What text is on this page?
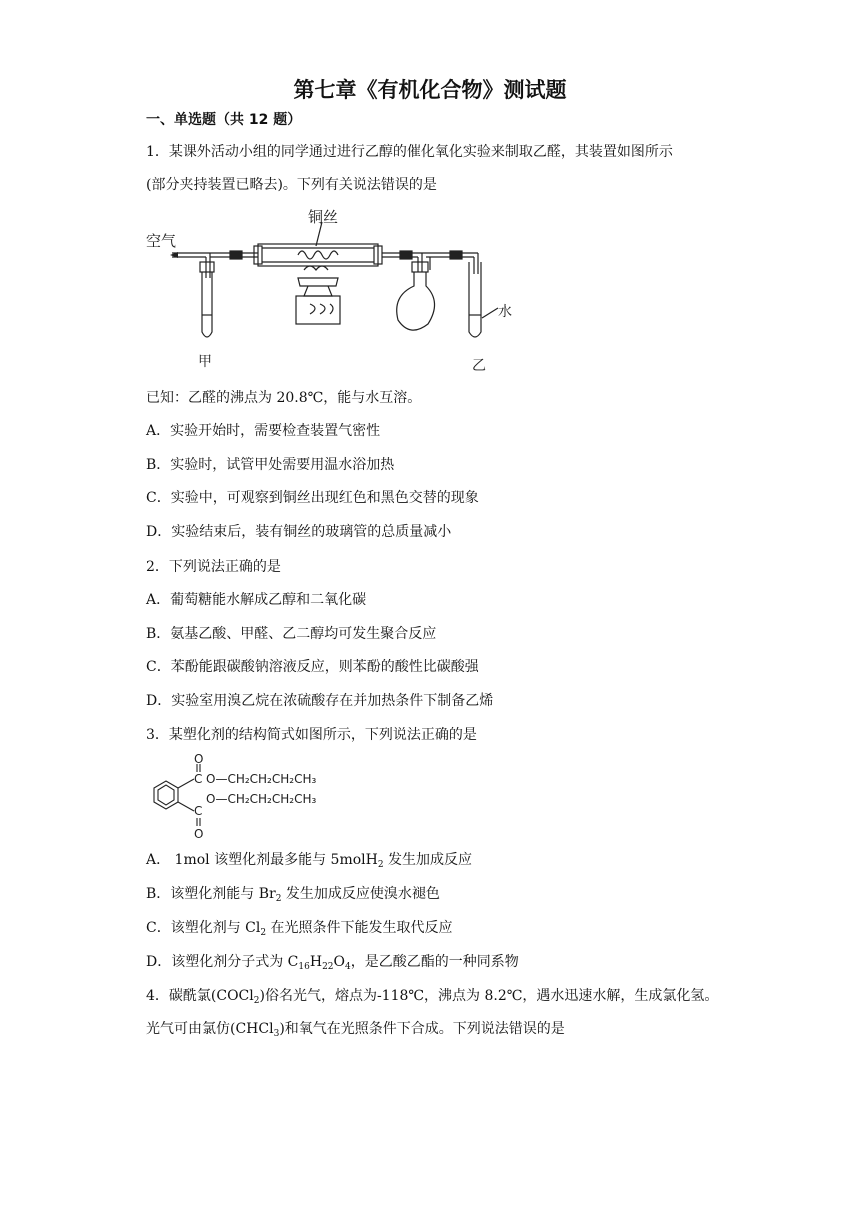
第七章《有机化合物》测试题
一、单选题（共 12 题）
1．某课外活动小组的同学通过进行乙醇的催化氧化实验来制取乙醛，其装置如图所示
(部分夹持装置已略去)。下列有关说法错误的是
铜丝
空气
水
甲	乙
已知：乙醛的沸点为 20.8℃，能与水互溶。
A．实验开始时，需要检查装置气密性
B．实验时，试管甲处需要用温水浴加热
C．实验中，可观察到铜丝出现红色和黑色交替的现象
D．实验结束后，装有铜丝的玻璃管的总质量减小
2．下列说法正确的是
A．葡萄糖能水解成乙醇和二氧化碳
B．氨基乙酸、甲醛、乙二醇均可发生聚合反应
C．苯酚能跟碳酸钠溶液反应，则苯酚的酸性比碳酸强
D．实验室用溴乙烷在浓硫酸存在并加热条件下制备乙烯
3．某塑化剂的结构简式如图所示，下列说法正确的是
O
C O—CH₂CH₂CH₂CH₃
C
O—CH₂CH₂CH₂CH₃
O
A． 1mol 该塑化剂最多能与 5molH$_2$ 发生加成反应
B．该塑化剂能与 $Br_2$ 发生加成反应使溴水褪色
C．该塑化剂与 $Cl_2$ 在光照条件下能发生取代反应
D．该塑化剂分子式为 $C_{16}H_{22}O_4$，是乙酸乙酯的一种同系物
4．碳酰氯(COCl$_2$)俗名光气，熔点为-118℃，沸点为 8.2℃，遇水迅速水解，生成氯化氢。
光气可由氯仿(CHCl$_3$)和氧气在光照条件下合成。下列说法错误的是
